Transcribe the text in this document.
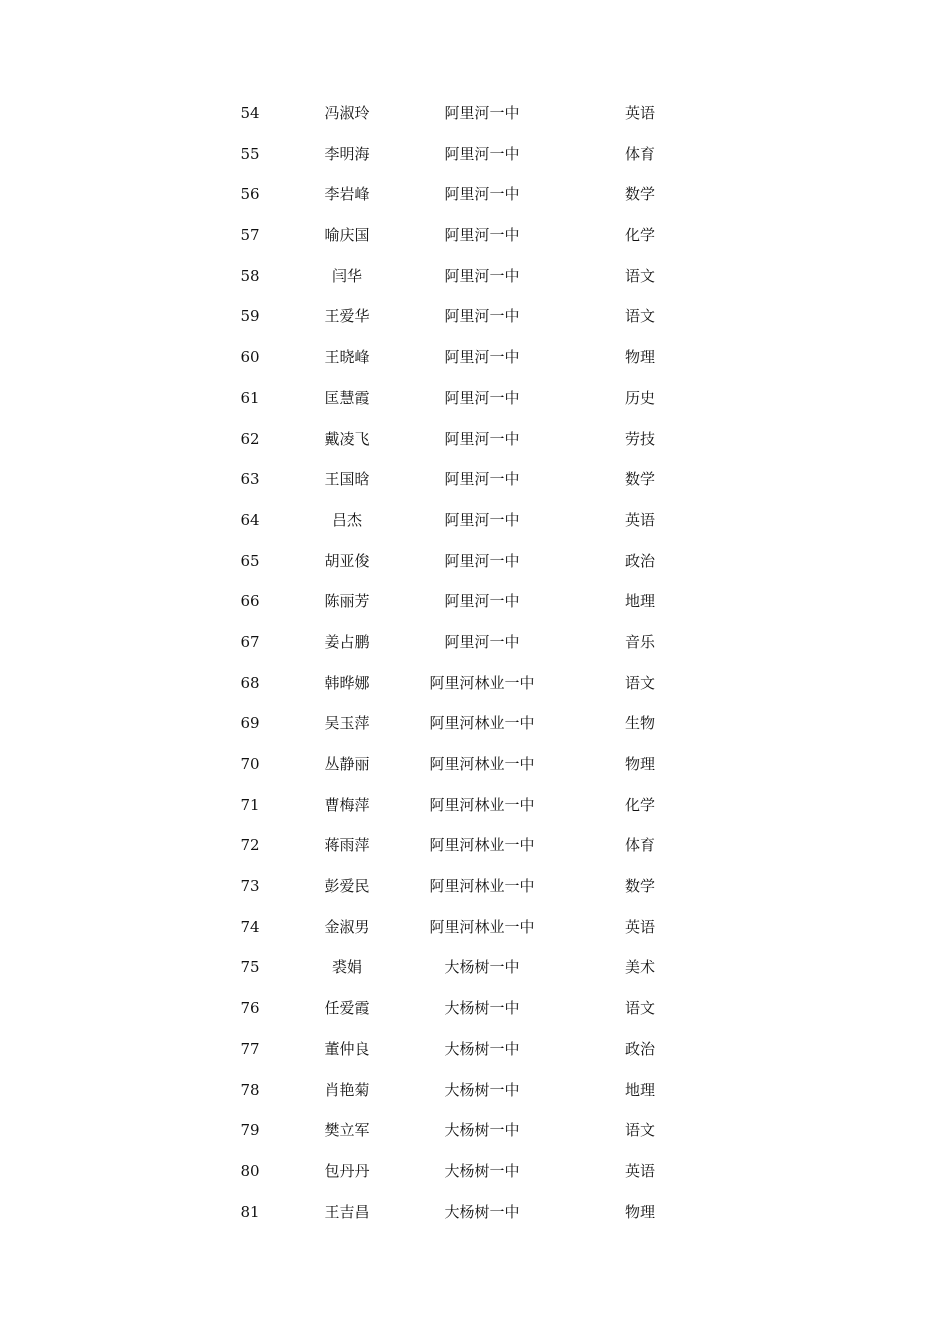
54	冯淑玲	阿里河一中	英语
55	李明海	阿里河一中	体育
56	李岩峰	阿里河一中	数学
57	喻庆国	阿里河一中	化学
58	闫华	阿里河一中	语文
59	王爱华	阿里河一中	语文
60	王晓峰	阿里河一中	物理
61	匡慧霞	阿里河一中	历史
62	戴凌飞	阿里河一中	劳技
63	王国晗	阿里河一中	数学
64	吕杰	阿里河一中	英语
65	胡亚俊	阿里河一中	政治
66	陈丽芳	阿里河一中	地理
67	姜占鹏	阿里河一中	音乐
68	韩晔娜	阿里河林业一中	语文
69	吴玉萍	阿里河林业一中	生物
70	丛静丽	阿里河林业一中	物理
71	曹梅萍	阿里河林业一中	化学
72	蒋雨萍	阿里河林业一中	体育
73	彭爱民	阿里河林业一中	数学
74	金淑男	阿里河林业一中	英语
75	裘娟	大杨树一中	美术
76	任爱霞	大杨树一中	语文
77	董仲良	大杨树一中	政治
78	肖艳菊	大杨树一中	地理
79	樊立军	大杨树一中	语文
80	包丹丹	大杨树一中	英语
81	王吉昌	大杨树一中	物理
